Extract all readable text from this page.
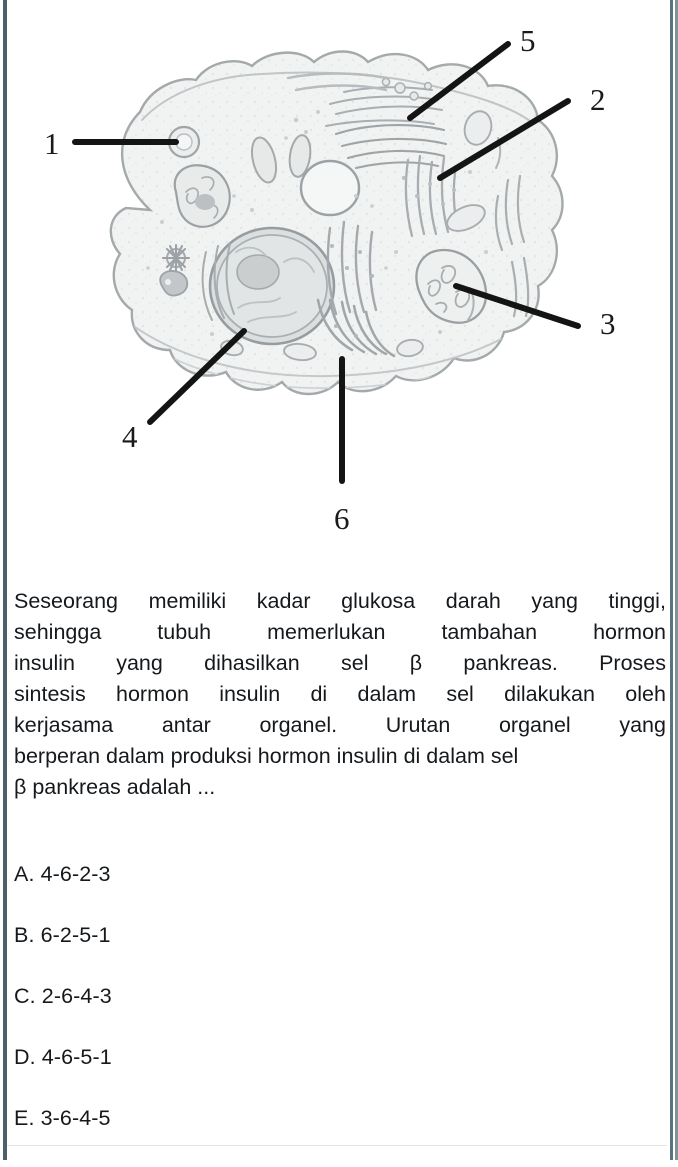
1
2
3
4
5
6
Seseorang memiliki kadar glukosa darah yang tinggi,
sehingga	tubuh	memerlukan	tambahan	hormon
insulin yang dihasilkan sel β pankreas. Proses
sintesis hormon insulin di dalam sel dilakukan oleh
kerjasama antar organel. Urutan organel yang
berperan dalam produksi hormon insulin di dalam sel
β pankreas adalah ...
A. 4-6-2-3
B. 6-2-5-1
C. 2-6-4-3
D. 4-6-5-1
E. 3-6-4-5
